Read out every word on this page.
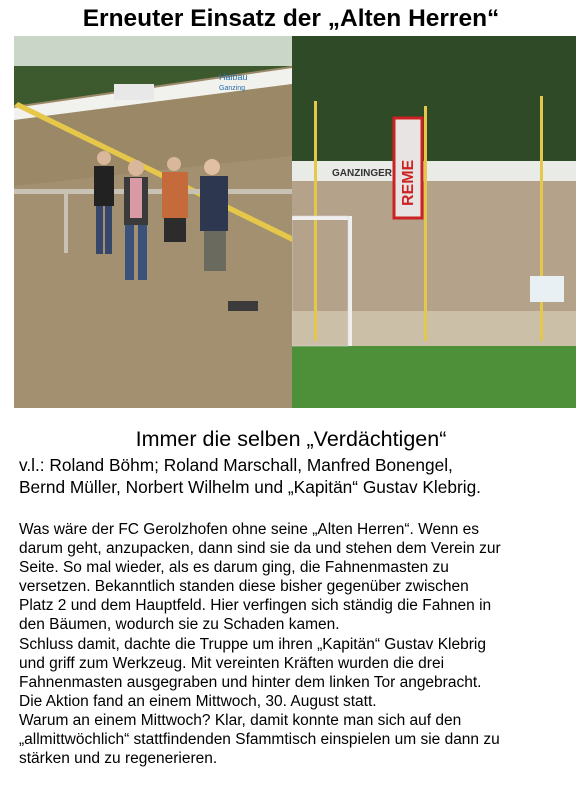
Erneuter Einsatz der „Alten Herren“
Haibau
Ganzing
GANZINGER REME
Immer die selben „Verdächtigen“
v.l.: Roland Böhm; Roland Marschall, Manfred Bonengel,
Bernd Müller, Norbert Wilhelm und „Kapitän“ Gustav Klebrig.
Was wäre der FC Gerolzhofen ohne seine „Alten Herren“. Wenn es
darum geht, anzupacken, dann sind sie da und stehen dem Verein zur
Seite. So mal wieder, als es darum ging, die Fahnenmasten zu
versetzen. Bekanntlich standen diese bisher gegenüber zwischen
Platz 2 und dem Hauptfeld. Hier verfingen sich ständig die Fahnen in
den Bäumen, wodurch sie zu Schaden kamen.
Schluss damit, dachte die Truppe um ihren „Kapitän“ Gustav Klebrig
und griff zum Werkzeug. Mit vereinten Kräften wurden die drei
Fahnenmasten ausgegraben und hinter dem linken Tor angebracht.
Die Aktion fand an einem Mittwoch, 30. August statt.
Warum an einem Mittwoch? Klar, damit konnte man sich auf den
„allmittwöchlich“ stattfindenden Sfammtisch einspielen um sie dann zu
stärken und zu regenerieren.
